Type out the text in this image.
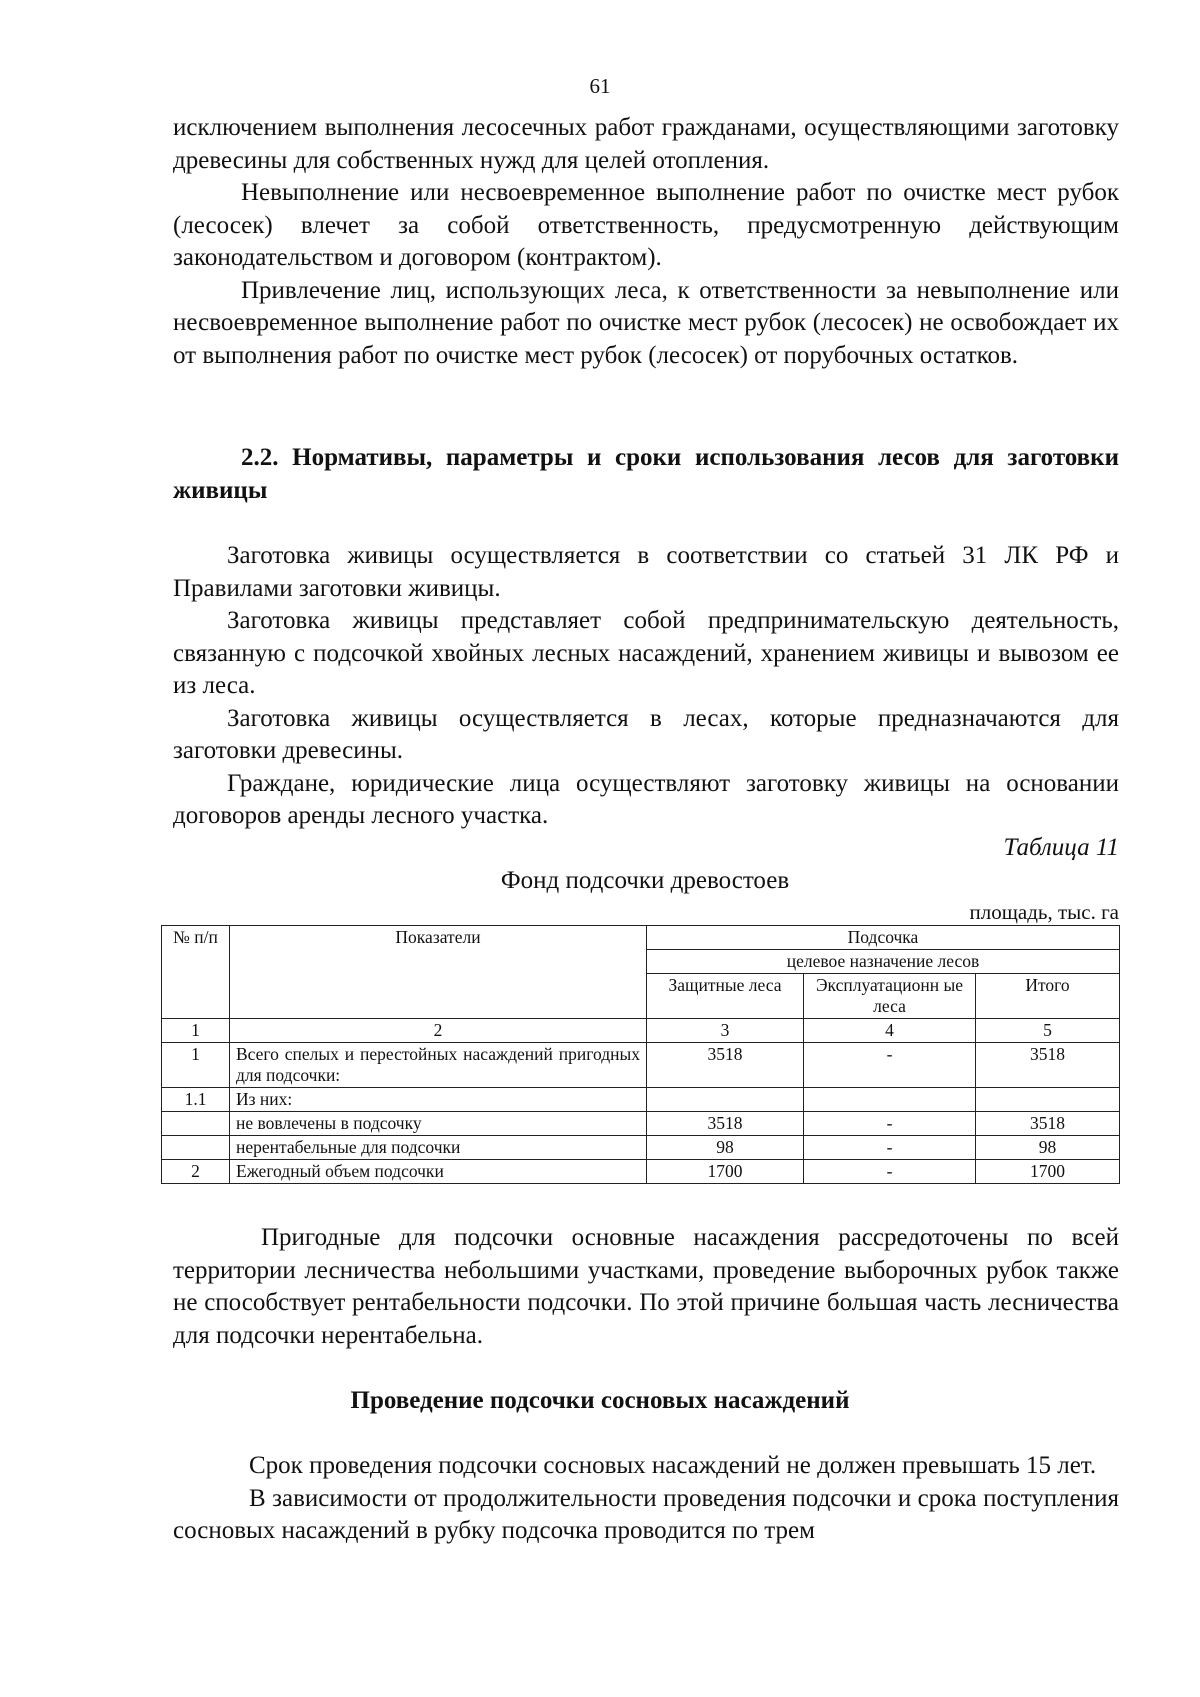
61

исключением выполнения лесосечных работ гражданами, осуществляющими заготовку древесины для собственных нужд для целей отопления.

Невыполнение или несвоевременное выполнение работ по очистке мест рубок (лесосек) влечет за собой ответственность, предусмотренную действующим законодательством и договором (контрактом).

Привлечение лиц, использующих леса, к ответственности за невыполнение или несвоевременное выполнение работ по очистке мест рубок (лесосек) не освобождает их от выполнения работ по очистке мест рубок (лесосек) от порубочных остатков.

2.2. Нормативы, параметры и сроки использования лесов для заготовки живицы

Заготовка живицы осуществляется в соответствии со статьей 31 ЛК РФ и Правилами заготовки живицы.

Заготовка живицы представляет собой предпринимательскую деятельность, связанную с подсочкой хвойных лесных насаждений, хранением живицы и вывозом ее из леса.

Заготовка живицы осуществляется в лесах, которые предназначаются для заготовки древесины.

Граждане, юридические лица осуществляют заготовку живицы на основании договоров аренды лесного участка.

Таблица 11
Фонд подсочки древостоев
площадь, тыс. га
№ п/п	Показатели	Подсочка		
		целевое назначение лесов		
		Защитные леса	Эксплуатационн ые леса	Итого
1	2	3	4	5
1	Всего спелых и перестойных насаждений пригодных для подсочки:	3518	-	3518
1.1	Из них:			
	не вовлечены в подсочку	3518	-	3518
	нерентабельные для подсочки	98	-	98
2	Ежегодный объем подсочки	1700	-	1700
Пригодные для подсочки основные насаждения рассредоточены по всей территории лесничества небольшими участками, проведение выборочных рубок также не способствует рентабельности подсочки. По этой причине большая часть лесничества для подсочки нерентабельна.
Проведение подсочки сосновых насаждений

Срок проведения подсочки сосновых насаждений не должен превышать 15 лет.

В зависимости от продолжительности проведения подсочки и срока поступления сосновых насаждений в рубку подсочка проводится по трем
